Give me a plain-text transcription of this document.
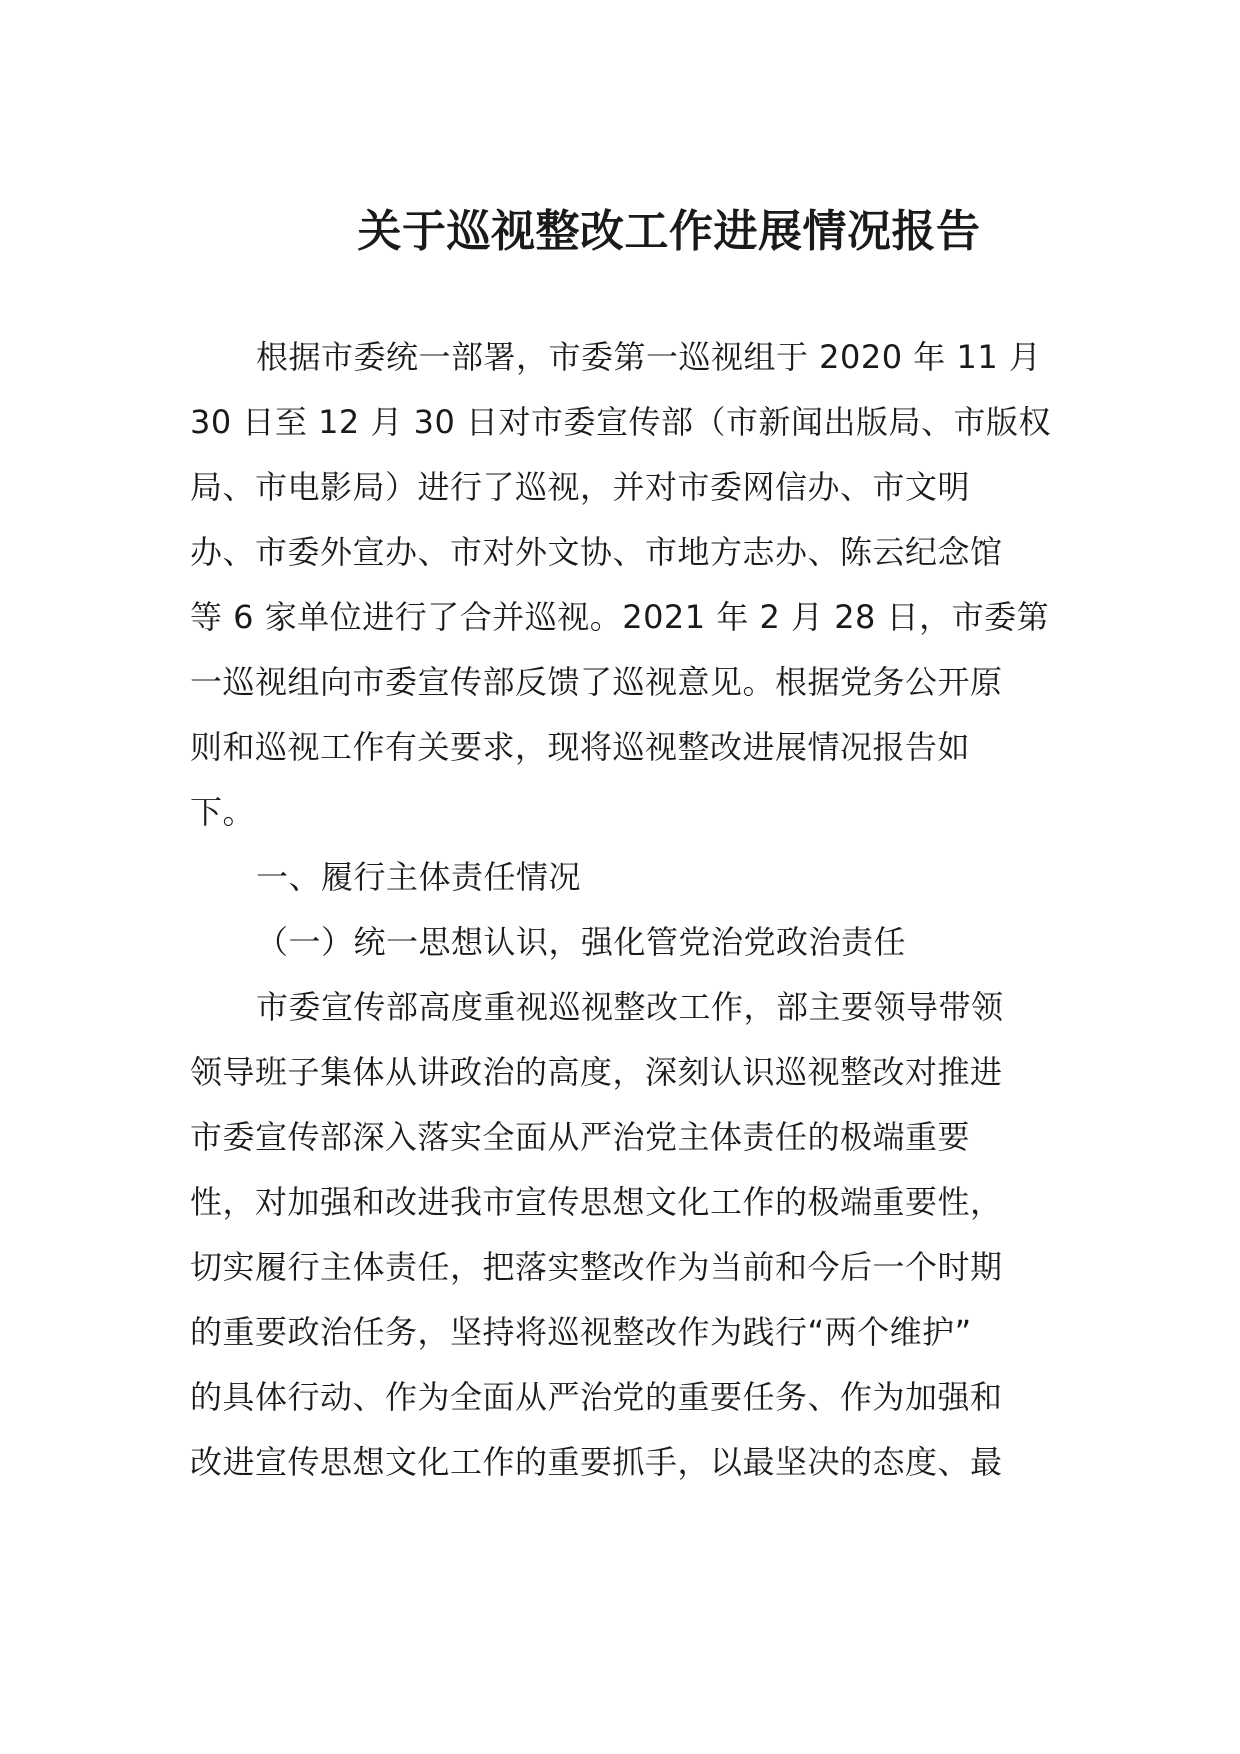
关于巡视整改工作进展情况报告
根据市委统一部署，市委第一巡视组于 2020 年 11 月
30 日至 12 月 30 日对市委宣传部（市新闻出版局、市版权
局、市电影局）进行了巡视，并对市委网信办、市文明
办、市委外宣办、市对外文协、市地方志办、陈云纪念馆
等 6 家单位进行了合并巡视。2021 年 2 月 28 日，市委第
一巡视组向市委宣传部反馈了巡视意见。根据党务公开原
则和巡视工作有关要求，现将巡视整改进展情况报告如
下。
一、履行主体责任情况
（一）统一思想认识，强化管党治党政治责任
市委宣传部高度重视巡视整改工作，部主要领导带领
领导班子集体从讲政治的高度，深刻认识巡视整改对推进
市委宣传部深入落实全面从严治党主体责任的极端重要
性，对加强和改进我市宣传思想文化工作的极端重要性，
切实履行主体责任，把落实整改作为当前和今后一个时期
的重要政治任务，坚持将巡视整改作为践行“两个维护”
的具体行动、作为全面从严治党的重要任务、作为加强和
改进宣传思想文化工作的重要抓手，以最坚决的态度、最
